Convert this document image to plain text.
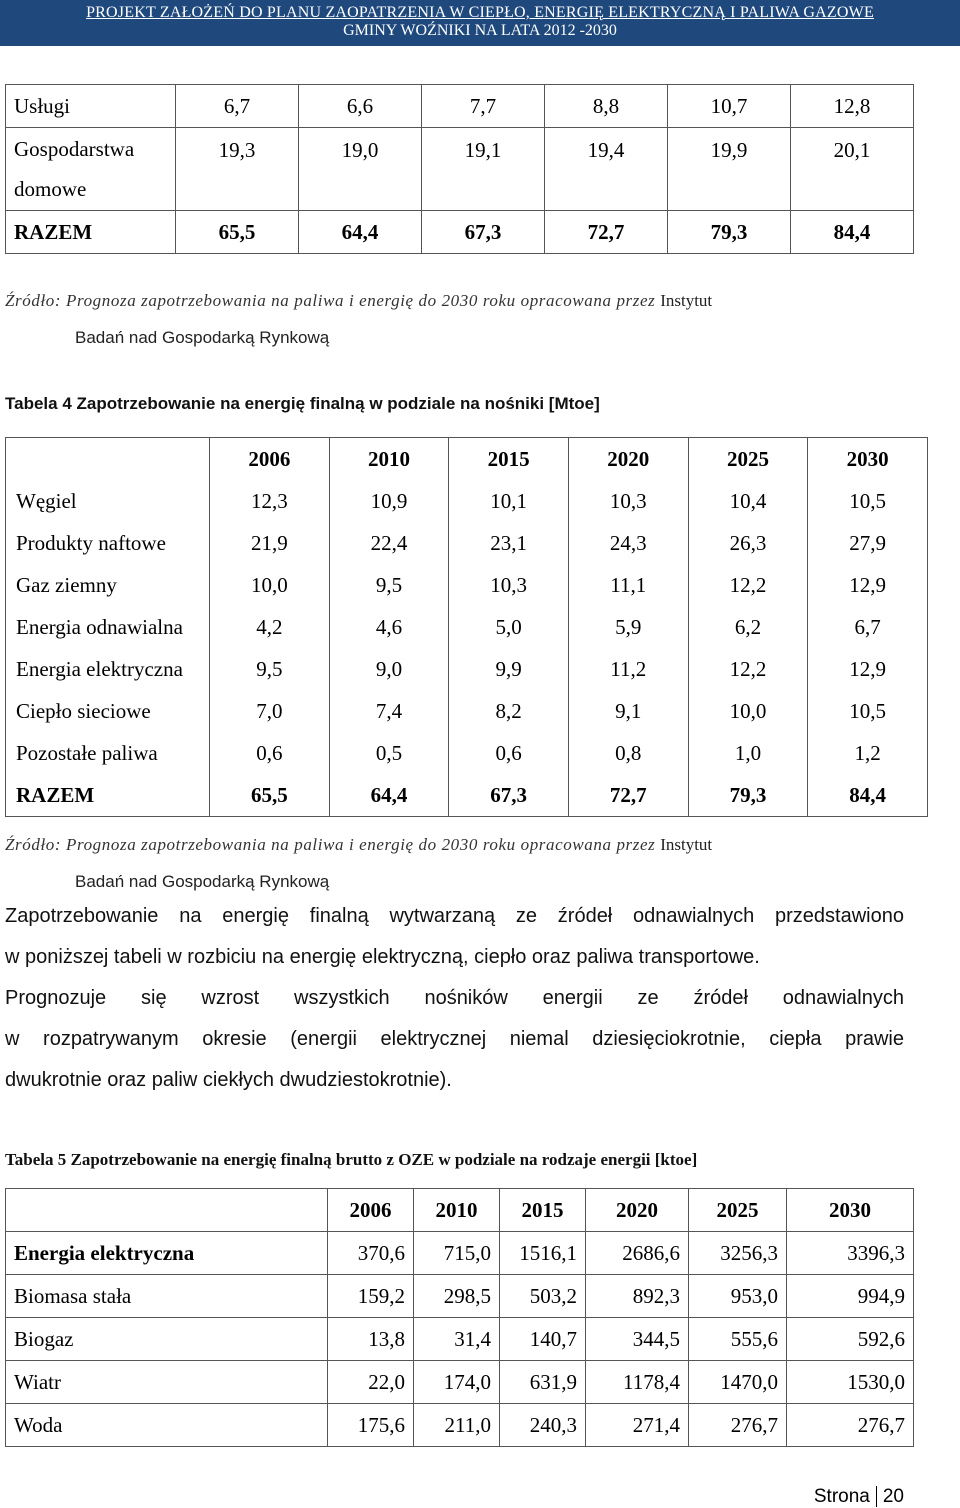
PROJEKT ZAŁOŻEŃ DO PLANU ZAOPATRZENIA W CIEPŁO, ENERGIĘ ELEKTRYCZNĄ I PALIWA GAZOWE
GMINY WOŹNIKI NA LATA 2012 -2030
Usługi	6,7	6,6	7,7	8,8	10,7	12,8

Gospodarstwa
domowe	19,3	19,0	19,1	19,4	19,9	20,1
RAZEM	65,5	64,4	67,3	72,7	79,3	84,4
Źródło: Prognoza zapotrzebowania na paliwa i energię do 2030 roku opracowana przez Instytut
Badań nad Gospodarką Rynkową
Tabela 4 Zapotrzebowanie na energię finalną w podziale na nośniki [Mtoe]
	2006	2010	2015	2020	2025	2030
Węgiel	12,3	10,9	10,1	10,3	10,4	10,5
Produkty naftowe	21,9	22,4	23,1	24,3	26,3	27,9
Gaz ziemny	10,0	9,5	10,3	11,1	12,2	12,9
Energia odnawialna	4,2	4,6	5,0	5,9	6,2	6,7
Energia elektryczna	9,5	9,0	9,9	11,2	12,2	12,9
Ciepło sieciowe	7,0	7,4	8,2	9,1	10,0	10,5
Pozostałe paliwa	0,6	0,5	0,6	0,8	1,0	1,2
RAZEM	65,5	64,4	67,3	72,7	79,3	84,4
Źródło: Prognoza zapotrzebowania na paliwa i energię do 2030 roku opracowana przez Instytut
Badań nad Gospodarką Rynkową

Zapotrzebowanie na energię finalną wytwarzaną ze źródeł odnawialnych przedstawiono

w poniższej tabeli w rozbiciu na energię elektryczną, ciepło oraz paliwa transportowe.

Prognozuje się wzrost wszystkich nośników energii ze źródeł odnawialnych

w rozpatrywanym okresie (energii elektrycznej niemal dziesięciokrotnie, ciepła prawie

dwukrotnie oraz paliw ciekłych dwudziestokrotnie).

Tabela 5 Zapotrzebowanie na energię finalną brutto z OZE w podziale na rodzaje energii [ktoe]
	2006	2010	2015	2020	2025	2030
Energia elektryczna	370,6	715,0	1516,1	2686,6	3256,3	3396,3
Biomasa stała	159,2	298,5	503,2	892,3	953,0	994,9
Biogaz	13,8	31,4	140,7	344,5	555,6	592,6
Wiatr	22,0	174,0	631,9	1178,4	1470,0	1530,0
Woda	175,6	211,0	240,3	271,4	276,7	276,7
Strona 20
